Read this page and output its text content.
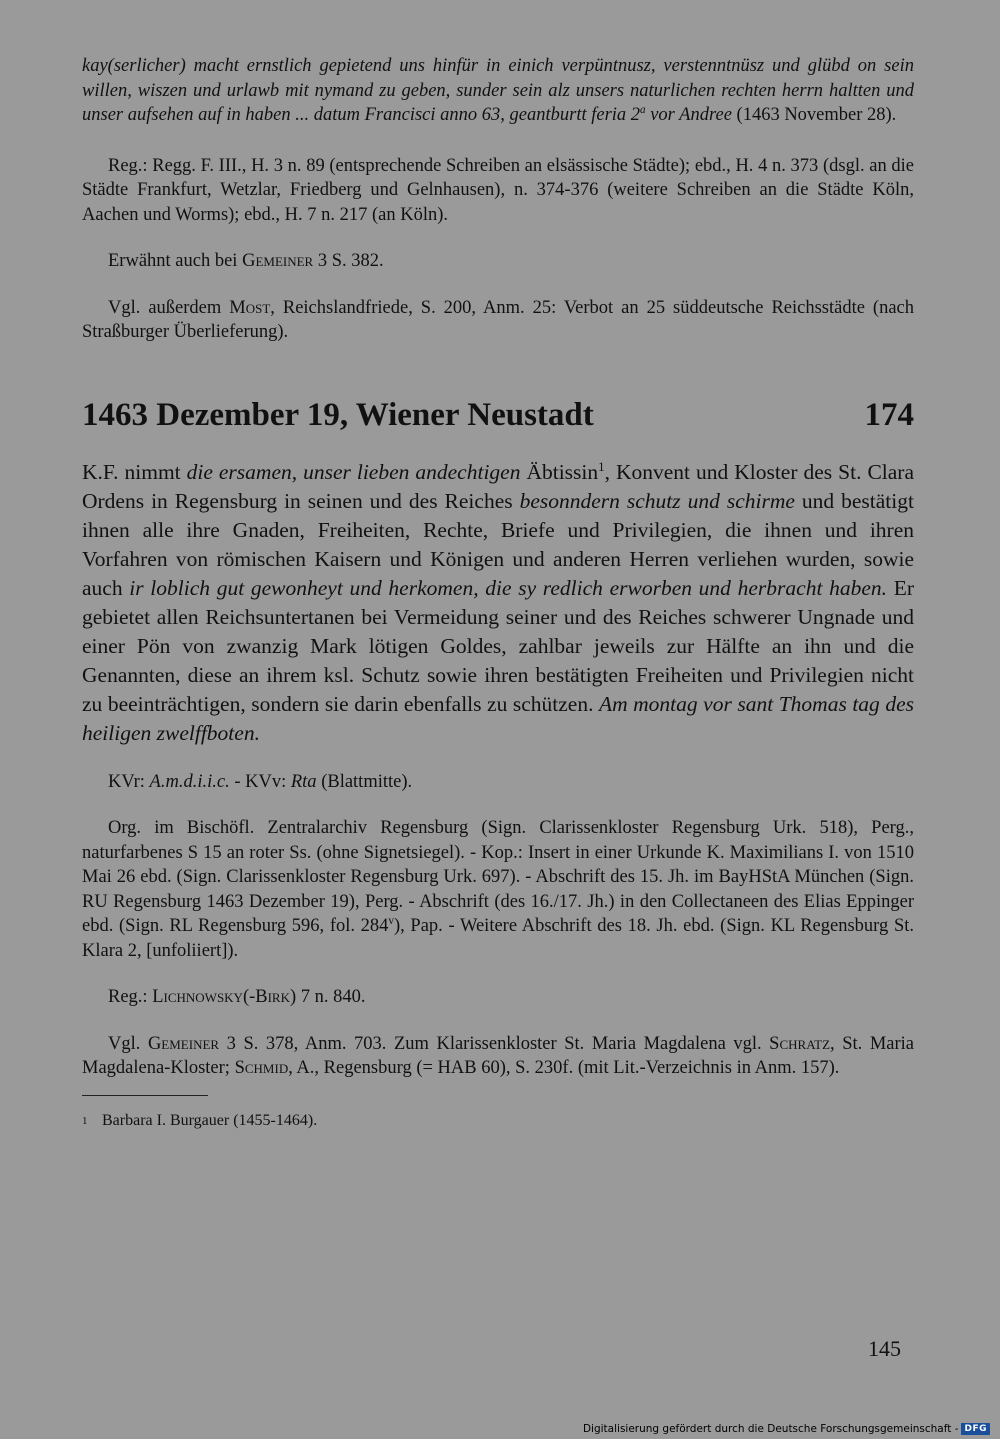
kay(serlicher) macht ernstlich gepietend uns hinfür in einich verpüntnusz, verstenntnüsz und glübd on sein willen, wiszen und urlawb mit nymand zu geben, sunder sein alz unsers naturlichen rechten herrn haltten und unser aufsehen auf in haben ... datum Francisci anno 63, geantburtt feria 2$^a$ vor Andree (1463 November 28).

Reg.: Regg. F. III., H. 3 n. 89 (entsprechende Schreiben an elsässische Städte); ebd., H. 4 n. 373 (dsgl. an die Städte Frankfurt, Wetzlar, Friedberg und Gelnhausen), n. 374-376 (weitere Schreiben an die Städte Köln, Aachen und Worms); ebd., H. 7 n. 217 (an Köln).

Erwähnt auch bei Gemeiner 3 S. 382.

Vgl. außerdem Most, Reichslandfriede, S. 200, Anm. 25: Verbot an 25 süddeutsche Reichsstädte (nach Straßburger Überlieferung).

1463 Dezember 19, Wiener Neustadt	174

K.F. nimmt die ersamen, unser lieben andechtigen Äbtissin$^1$, Konvent und Kloster des St. Clara Ordens in Regensburg in seinen und des Reiches besonndern schutz und schirme und bestätigt ihnen alle ihre Gnaden, Freiheiten, Rechte, Briefe und Privilegien, die ihnen und ihren Vorfahren von römischen Kaisern und Königen und anderen Herren verliehen wurden, sowie auch ir loblich gut gewonheyt und herkomen, die sy redlich erworben und herbracht haben. Er gebietet allen Reichsuntertanen bei Vermeidung seiner und des Reiches schwerer Ungnade und einer Pön von zwanzig Mark lötigen Goldes, zahlbar jeweils zur Hälfte an ihn und die Genannten, diese an ihrem ksl. Schutz sowie ihren bestätigten Freiheiten und Privilegien nicht zu beeinträchtigen, sondern sie darin ebenfalls zu schützen. Am montag vor sant Thomas tag des heiligen zwelffboten.

KVr: A.m.d.i.i.c. - KVv: Rta (Blattmitte).

Org. im Bischöfl. Zentralarchiv Regensburg (Sign. Clarissenkloster Regensburg Urk. 518), Perg., naturfarbenes S 15 an roter Ss. (ohne Signetsiegel). - Kop.: Insert in einer Urkunde K. Maximilians I. von 1510 Mai 26 ebd. (Sign. Clarissenkloster Regensburg Urk. 697). - Abschrift des 15. Jh. im BayHStA München (Sign. RU Regensburg 1463 Dezember 19), Perg. - Abschrift (des 16./17. Jh.) in den Collectaneen des Elias Eppinger ebd. (Sign. RL Regensburg 596, fol. 284$^v$), Pap. - Weitere Abschrift des 18. Jh. ebd. (Sign. KL Regensburg St. Klara 2, [unfoliiert]).

Reg.: Lichnowsky(-Birk) 7 n. 840.

Vgl. Gemeiner 3 S. 378, Anm. 703. Zum Klarissenkloster St. Maria Magdalena vgl. Schratz, St. Maria Magdalena-Kloster; Schmid, A., Regensburg (= HAB 60), S. 230f. (mit Lit.-Verzeichnis in Anm. 157).

1 Barbara I. Burgauer (1455-1464).
145
Digitalisierung gefördert durch die Deutsche Forschungsgemeinschaft - DFG
